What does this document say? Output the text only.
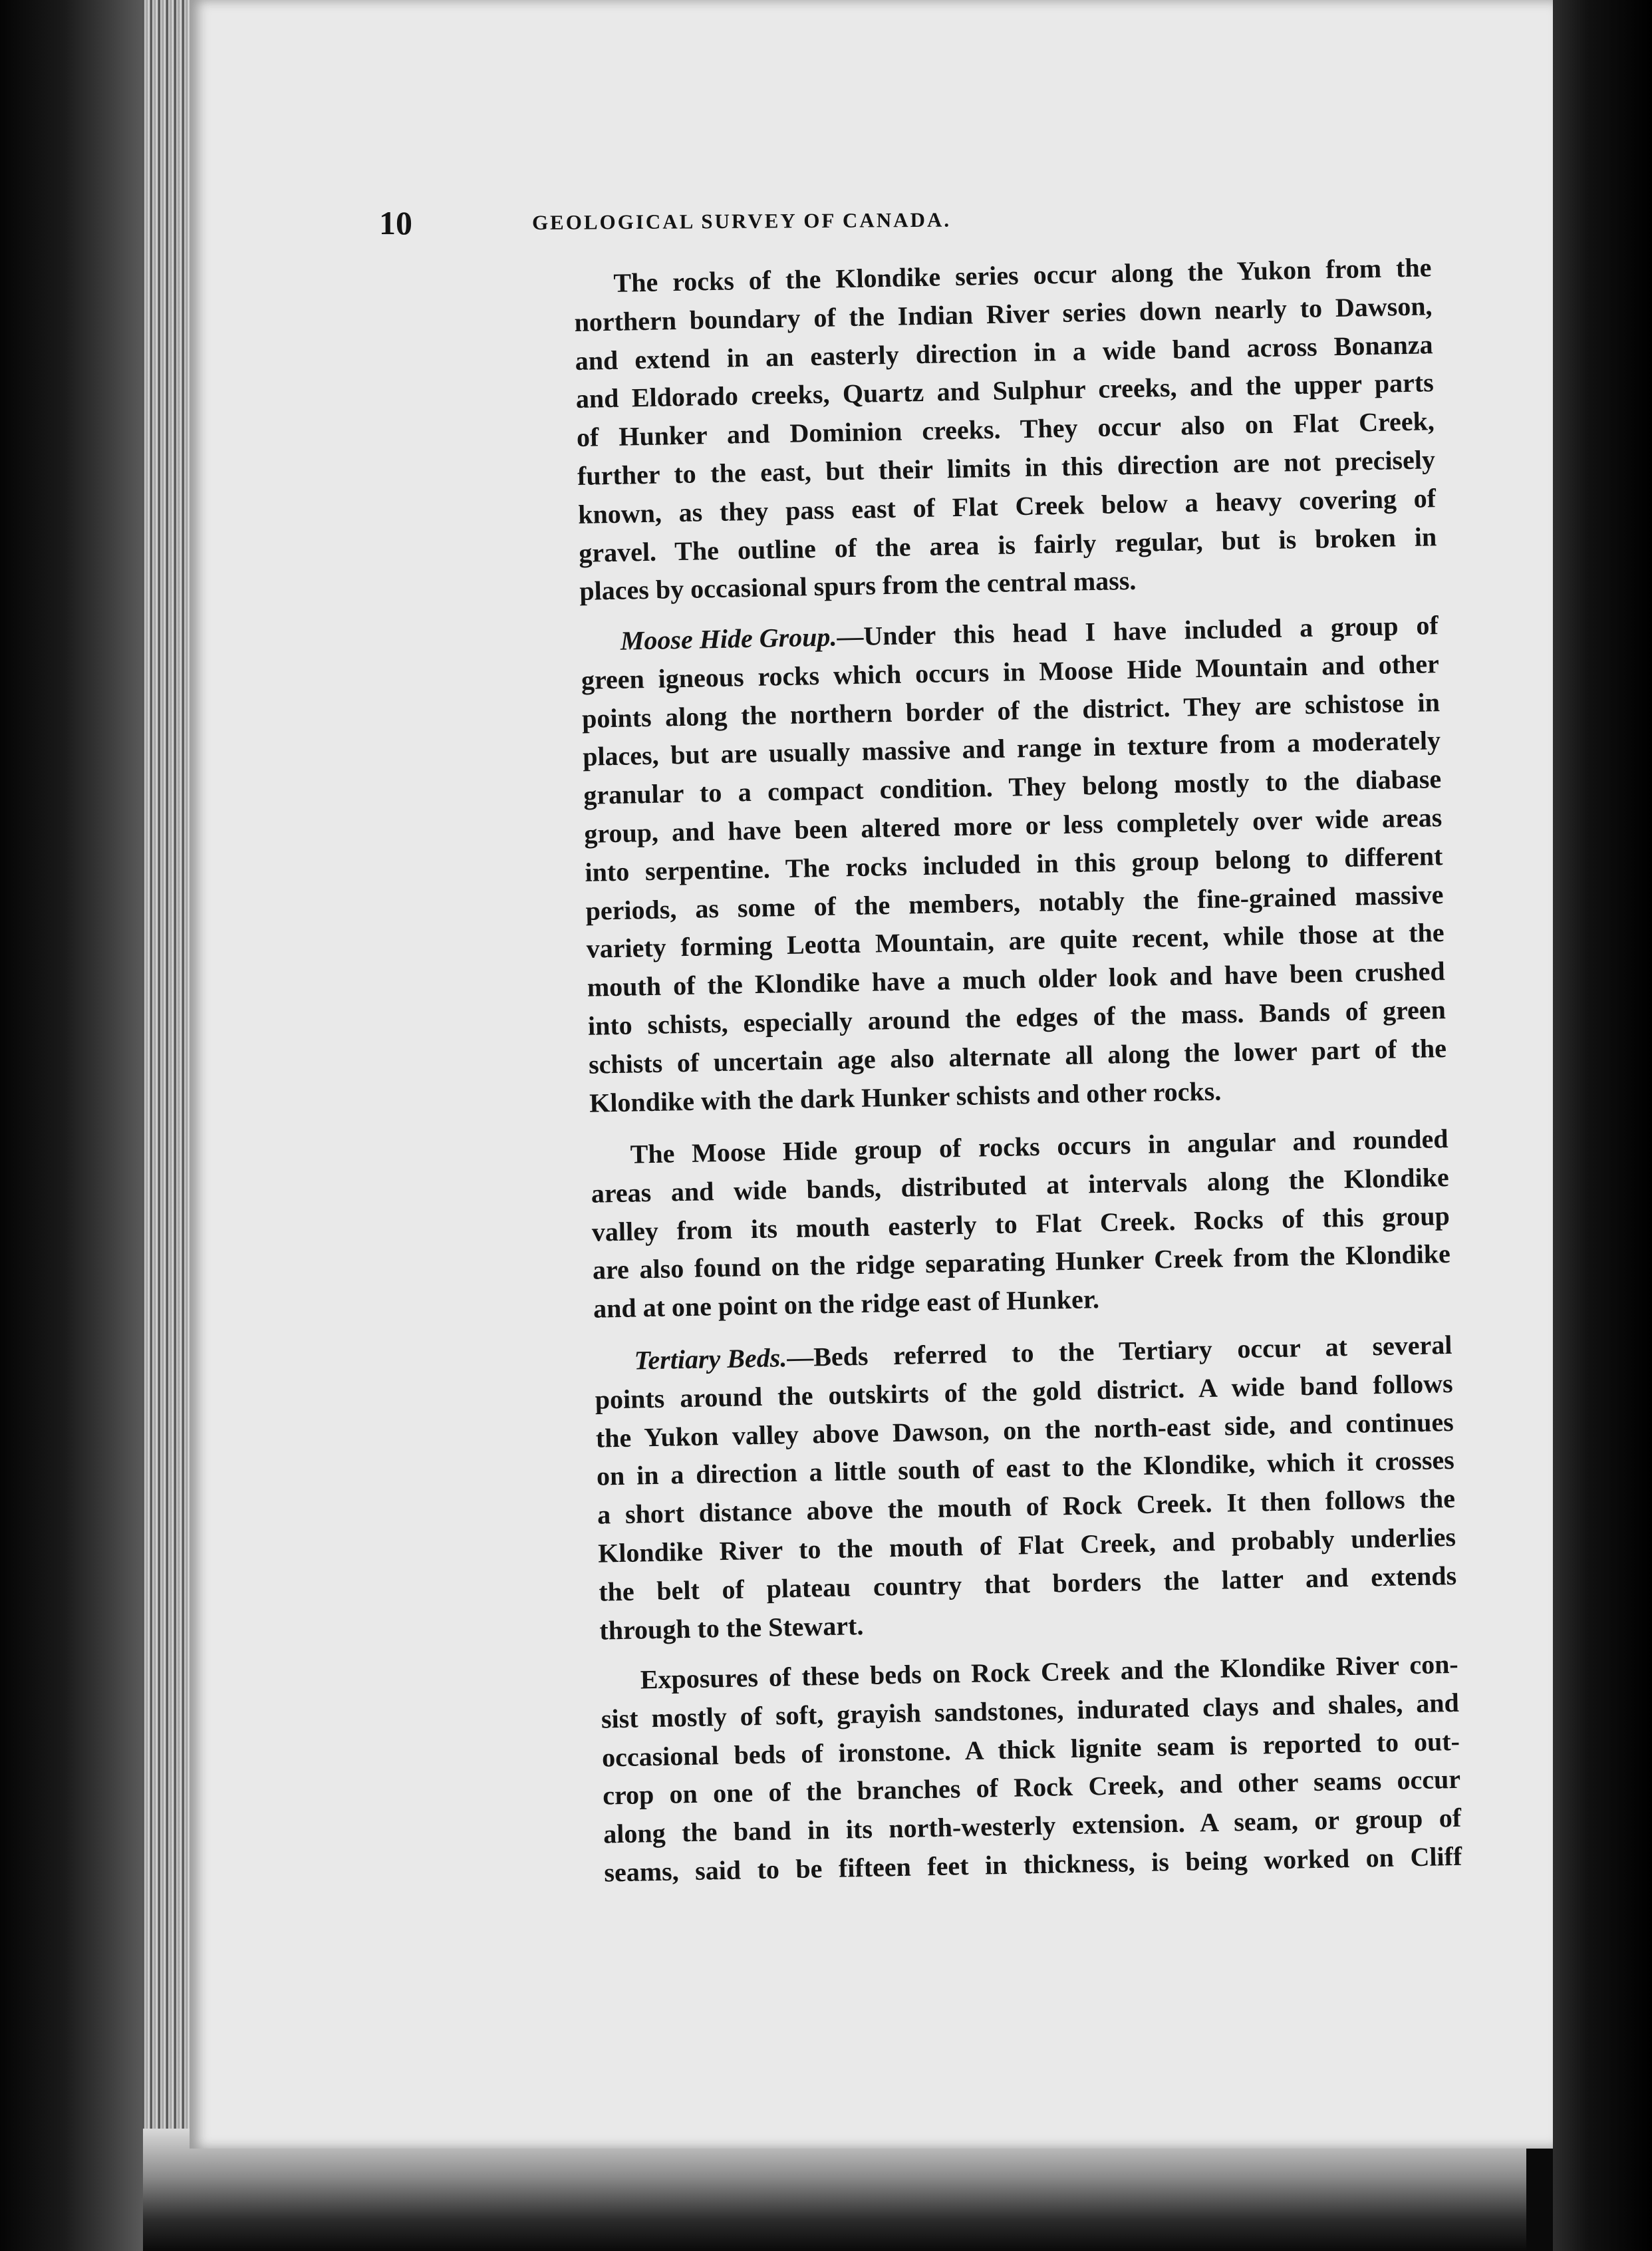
10	GEOLOGICAL SURVEY OF CANADA.
The rocks of the Klondike series occur along the Yukon from the
northern boundary of the Indian River series down nearly to Dawson,
and extend in an easterly direction in a wide band across Bonanza
and Eldorado creeks, Quartz and Sulphur creeks, and the upper parts
of Hunker and Dominion creeks. They occur also on Flat Creek,
further to the east, but their limits in this direction are not precisely
known, as they pass east of Flat Creek below a heavy covering of
gravel. The outline of the area is fairly regular, but is broken in
places by occasional spurs from the central mass.
Moose Hide Group. —Under this head I have included a group of
green igneous rocks which occurs in Moose Hide Mountain and other
points along the northern border of the district. They are schistose in
places, but are usually massive and range in texture from a moderately
granular to a compact condition. They belong mostly to the diabase
group, and have been altered more or less completely over wide areas
into serpentine. The rocks included in this group belong to different
periods, as some of the members, notably the fine-grained massive
variety forming Leotta Mountain, are quite recent, while those at the
mouth of the Klondike have a much older look and have been crushed
into schists, especially around the edges of the mass. Bands of green
schists of uncertain age also alternate all along the lower part of the
Klondike with the dark Hunker schists and other rocks.
The Moose Hide group of rocks occurs in angular and rounded
areas and wide bands, distributed at intervals along the Klondike
valley from its mouth easterly to Flat Creek. Rocks of this group
are also found on the ridge separating Hunker Creek from the Klondike
and at one point on the ridge east of Hunker.
Tertiary Beds. —Beds referred to the Tertiary occur at several
points around the outskirts of the gold district. A wide band follows
the Yukon valley above Dawson, on the north-east side, and continues
on in a direction a little south of east to the Klondike, which it crosses
a short distance above the mouth of Rock Creek. It then follows the
Klondike River to the mouth of Flat Creek, and probably underlies
the belt of plateau country that borders the latter and extends
through to the Stewart.
Exposures of these beds on Rock Creek and the Klondike River con-
sist mostly of soft, grayish sandstones, indurated clays and shales, and
occasional beds of ironstone. A thick lignite seam is reported to out-
crop on one of the branches of Rock Creek, and other seams occur
along the band in its north-westerly extension. A seam, or group of
seams, said to be fifteen feet in thickness, is being worked on Cliff
